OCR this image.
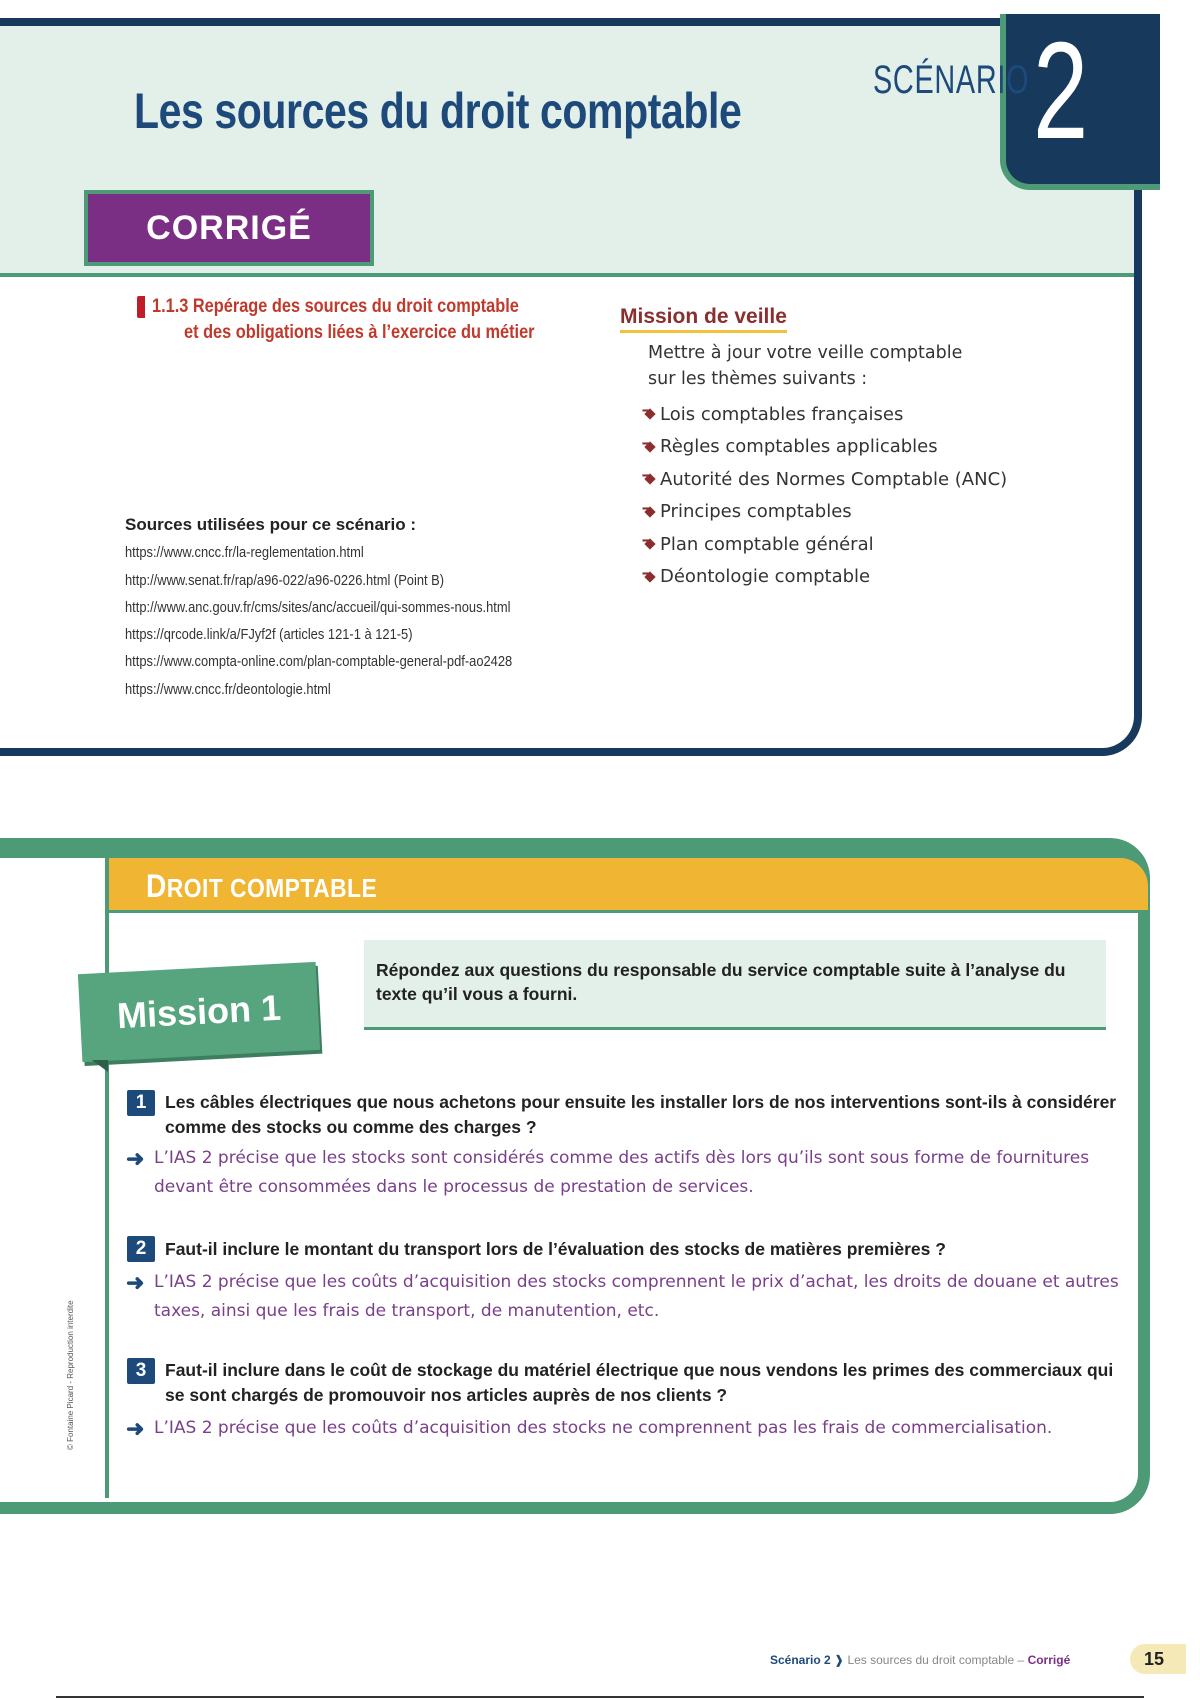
SCÉNARIO 2
Les sources du droit comptable
CORRIGÉ
1.1.3 Repérage des sources du droit comptable
et des obligations liées à l’exercice du métier
Sources utilisées pour ce scénario :
https://www.cncc.fr/la-reglementation.html
http://www.senat.fr/rap/a96-022/a96-0226.html (Point B)
http://www.anc.gouv.fr/cms/sites/anc/accueil/qui-sommes-nous.html
https://qrcode.link/a/FJyf2f (articles 121-1 à 121-5)
https://www.compta-online.com/plan-comptable-general-pdf-ao2428
https://www.cncc.fr/deontologie.html
Mission de veille
Mettre à jour votre veille comptable
sur les thèmes suivants :
Lois comptables françaises
Règles comptables applicables
Autorité des Normes Comptable (ANC)
Principes comptables
Plan comptable général
Déontologie comptable
DROIT COMPTABLE
Mission 1
Répondez aux questions du responsable du service comptable suite à l’analyse du texte qu’il vous a fourni.
1	Les câbles électriques que nous achetons pour ensuite les installer lors de nos interventions sont-ils à considérer comme des stocks ou comme des charges ?
➜ L’IAS 2 précise que les stocks sont considérés comme des actifs dès lors qu’ils sont sous forme de fournitures devant être consommées dans le processus de prestation de services.
2	Faut-il inclure le montant du transport lors de l’évaluation des stocks de matières premières ?
➜ L’IAS 2 précise que les coûts d’acquisition des stocks comprennent le prix d’achat, les droits de douane et autres taxes, ainsi que les frais de transport, de manutention, etc.
3	Faut-il inclure dans le coût de stockage du matériel électrique que nous vendons les primes des commerciaux qui se sont chargés de promouvoir nos articles auprès de nos clients ?
➜ L’IAS 2 précise que les coûts d’acquisition des stocks ne comprennent pas les frais de commercialisation.
© Fontaine Picard - Reproduction interdite
Scénario 2 ❱ Les sources du droit comptable – Corrigé	15
